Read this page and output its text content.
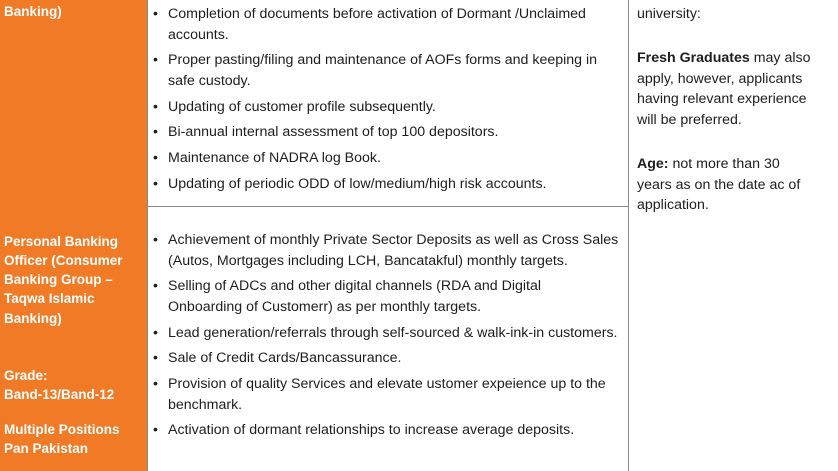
Banking)
Personal Banking
Officer (Consumer
Banking Group –
Taqwa Islamic
Banking)
Grade:
Band-13/Band-12
Multiple Positions
Pan Pakistan
• Completion of documents before activation of Dormant /Unclaimed
accounts.
• Proper pasting/filing and maintenance of AOFs forms and keeping in
safe custody.
• Updating of customer profile subsequently.
• Bi-annual internal assessment of top 100 depositors.
• Maintenance of NADRA log Book.
• Updating of periodic ODD of low/medium/high risk accounts.
• Achievement of monthly Private Sector Deposits as well as Cross Sales
(Autos, Mortgages including LCH, Bancatakful) monthly targets.
• Selling of ADCs and other digital channels (RDA and Digital
Onboarding of Customerr) as per monthly targets.
• Lead generation/referrals through self-sourced & walk-ink-in customers.
• Sale of Credit Cards/Bancassurance.
• Provision of quality Services and elevate ustomer expeience up to the
benchmark.
• Activation of dormant relationships to increase average deposits.
university:
Fresh Graduates may also
apply, however, applicants
having relevant experience
will be preferred.
Age: not more than 30
years as on the date ac of
application.
